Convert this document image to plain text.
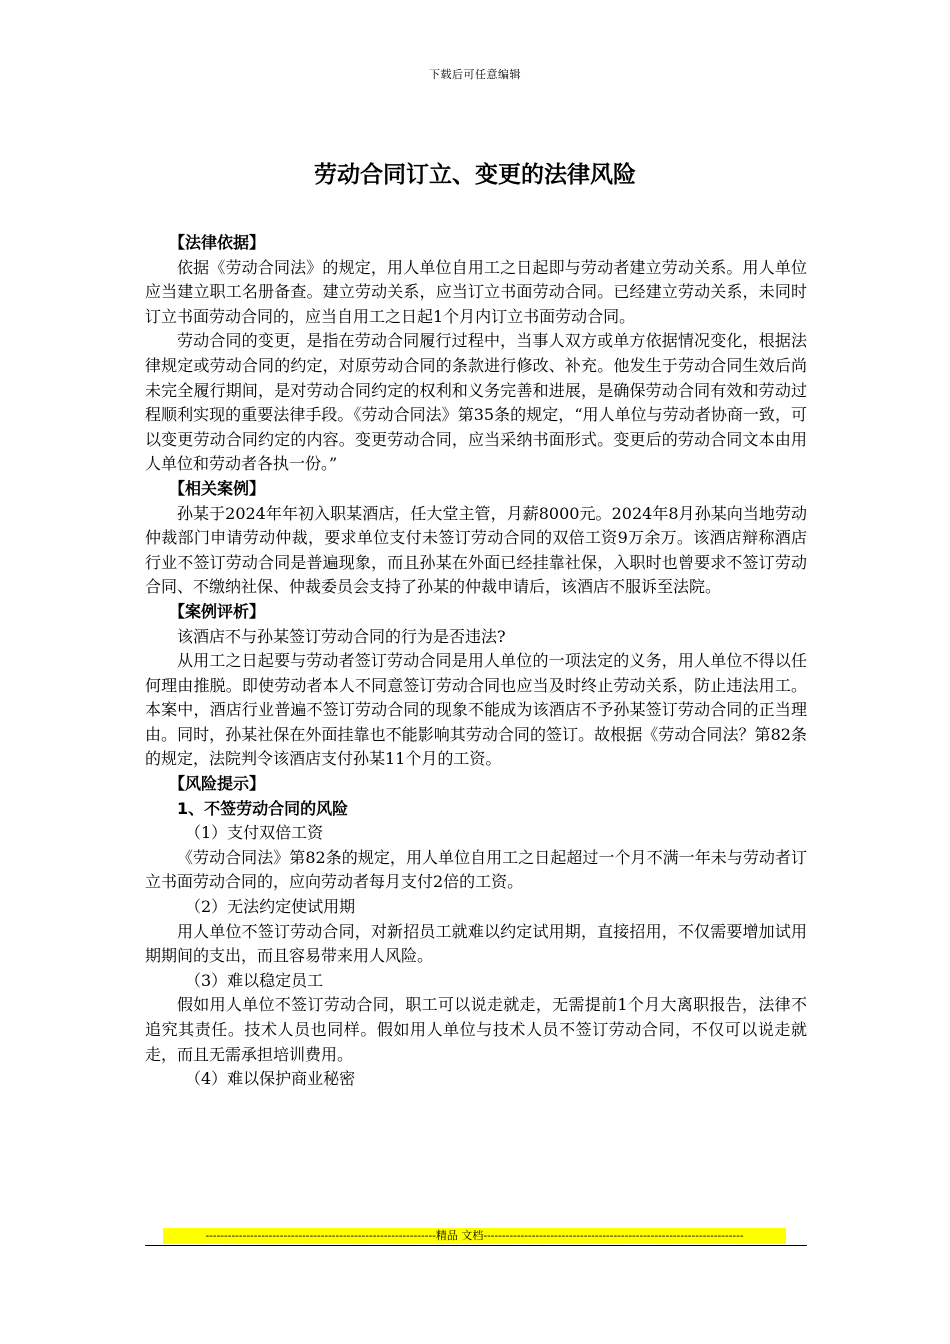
下载后可任意编辑
劳动合同订立、变更的法律风险

【法律依据】

依据《劳动合同法》的规定，用人单位自用工之日起即与劳动者建立劳动关系。用人单位应当建立职工名册备查。建立劳动关系，应当订立书面劳动合同。已经建立劳动关系，未同时订立书面劳动合同的，应当自用工之日起1个月内订立书面劳动合同。

劳动合同的变更，是指在劳动合同履行过程中，当事人双方或单方依据情况变化，根据法律规定或劳动合同的约定，对原劳动合同的条款进行修改、补充。他发生于劳动合同生效后尚未完全履行期间，是对劳动合同约定的权利和义务完善和进展，是确保劳动合同有效和劳动过程顺利实现的重要法律手段。《劳动合同法》第35条的规定，“用人单位与劳动者协商一致，可以变更劳动合同约定的内容。变更劳动合同，应当采纳书面形式。变更后的劳动合同文本由用人单位和劳动者各执一份。”

【相关案例】

孙某于2024年年初入职某酒店，任大堂主管，月薪8000元。2024年8月孙某向当地劳动仲裁部门申请劳动仲裁，要求单位支付未签订劳动合同的双倍工资9万余万。该酒店辩称酒店行业不签订劳动合同是普遍现象，而且孙某在外面已经挂靠社保，入职时也曾要求不签订劳动合同、不缴纳社保、仲裁委员会支持了孙某的仲裁申请后，该酒店不服诉至法院。

【案例评析】

该酒店不与孙某签订劳动合同的行为是否违法?

从用工之日起要与劳动者签订劳动合同是用人单位的一项法定的义务，用人单位不得以任何理由推脱。即使劳动者本人不同意签订劳动合同也应当及时终止劳动关系，防止违法用工。本案中，酒店行业普遍不签订劳动合同的现象不能成为该酒店不予孙某签订劳动合同的正当理由。同时，孙某社保在外面挂靠也不能影响其劳动合同的签订。故根据《劳动合同法？第82条的规定，法院判令该酒店支付孙某11个月的工资。

【风险提示】

1、不签劳动合同的风险

（1）支付双倍工资

《劳动合同法》第82条的规定，用人单位自用工之日起超过一个月不满一年未与劳动者订立书面劳动合同的，应向劳动者每月支付2倍的工资。

（2）无法约定使试用期

用人单位不签订劳动合同，对新招员工就难以约定试用期，直接招用，不仅需要增加试用期期间的支出，而且容易带来用人风险。

（3）难以稳定员工

假如用人单位不签订劳动合同，职工可以说走就走，无需提前1个月大离职报告，法律不追究其责任。技术人员也同样。假如用人单位与技术人员不签订劳动合同，不仅可以说走就走，而且无需承担培训费用。

（4）难以保护商业秘密

--------------------------------------------------------------精品 文档----------------------------------------------------------------------
